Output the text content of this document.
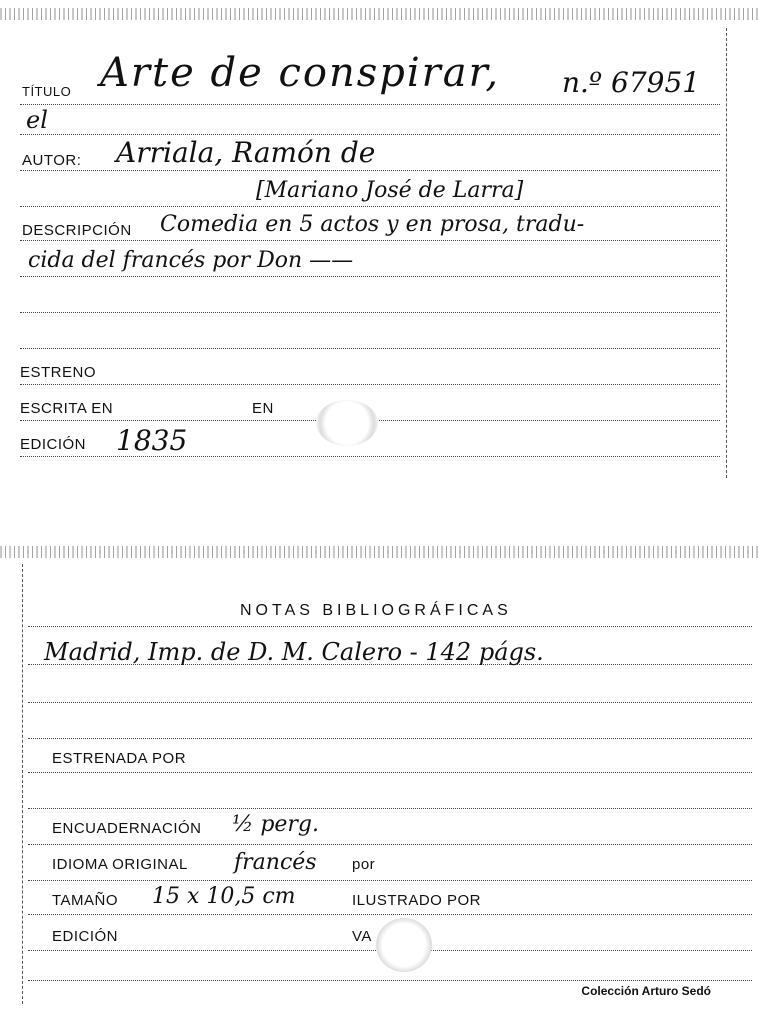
TÍTULO Arte de conspirar, n.º 67951
el
AUTOR: Arriala, Ramón de
[Mariano José de Larra]
DESCRIPCIÓN Comedia en 5 actos y en prosa, tradu-
cida del francés por Don ——
ESTRENO
ESCRITA EN	EN
EDICIÓN 1835
NOTAS BIBLIOGRÁFICAS
Madrid, Imp. de D. M. Calero - 142 págs.
ESTRENADA POR
ENCUADERNACIÓN ½ perg.
IDIOMA ORIGINAL francés por
TAMAÑO 15 x 10,5 cm	ILUSTRADO POR
EDICIÓN	VA
Colección Arturo Sedó
